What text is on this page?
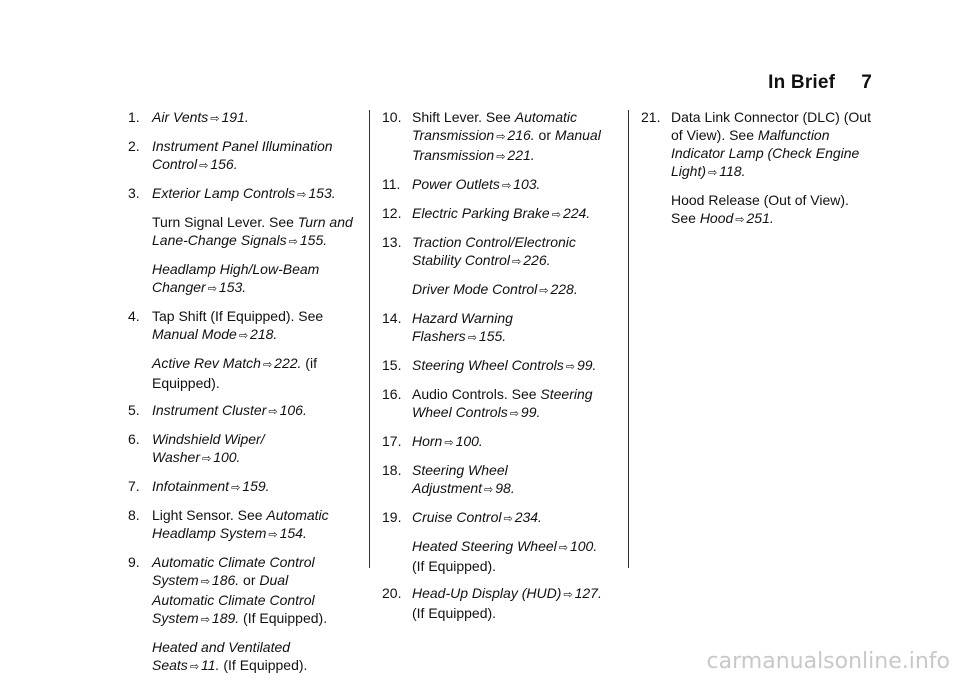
In Brief 7
1. Air Vents ⇨ 191.
2. Instrument Panel Illumination Control ⇨ 156.
3. Exterior Lamp Controls ⇨ 153.
Turn Signal Lever. See Turn and Lane-Change Signals ⇨ 155.
Headlamp High/Low-Beam Changer ⇨ 153.
4. Tap Shift (If Equipped). See Manual Mode ⇨ 218.
Active Rev Match ⇨ 222. (if Equipped).
5. Instrument Cluster ⇨ 106.
6. Windshield Wiper/ Washer ⇨ 100.
7. Infotainment ⇨ 159.
8. Light Sensor. See Automatic Headlamp System ⇨ 154.
9. Automatic Climate Control System ⇨ 186. or Dual Automatic Climate Control System ⇨ 189. (If Equipped).
Heated and Ventilated Seats ⇨ 11. (If Equipped).
10. Shift Lever. See Automatic Transmission ⇨ 216. or Manual Transmission ⇨ 221.
11. Power Outlets ⇨ 103.
12. Electric Parking Brake ⇨ 224.
13. Traction Control/Electronic Stability Control ⇨ 226.
Driver Mode Control ⇨ 228.
14. Hazard Warning Flashers ⇨ 155.
15. Steering Wheel Controls ⇨ 99.
16. Audio Controls. See Steering Wheel Controls ⇨ 99.
17. Horn ⇨ 100.
18. Steering Wheel Adjustment ⇨ 98.
19. Cruise Control ⇨ 234.
Heated Steering Wheel ⇨ 100. (If Equipped).
20. Head-Up Display (HUD) ⇨ 127. (If Equipped).
21. Data Link Connector (DLC) (Out of View). See Malfunction Indicator Lamp (Check Engine Light) ⇨ 118.
Hood Release (Out of View). See Hood ⇨ 251.
carmanualsonline.info
